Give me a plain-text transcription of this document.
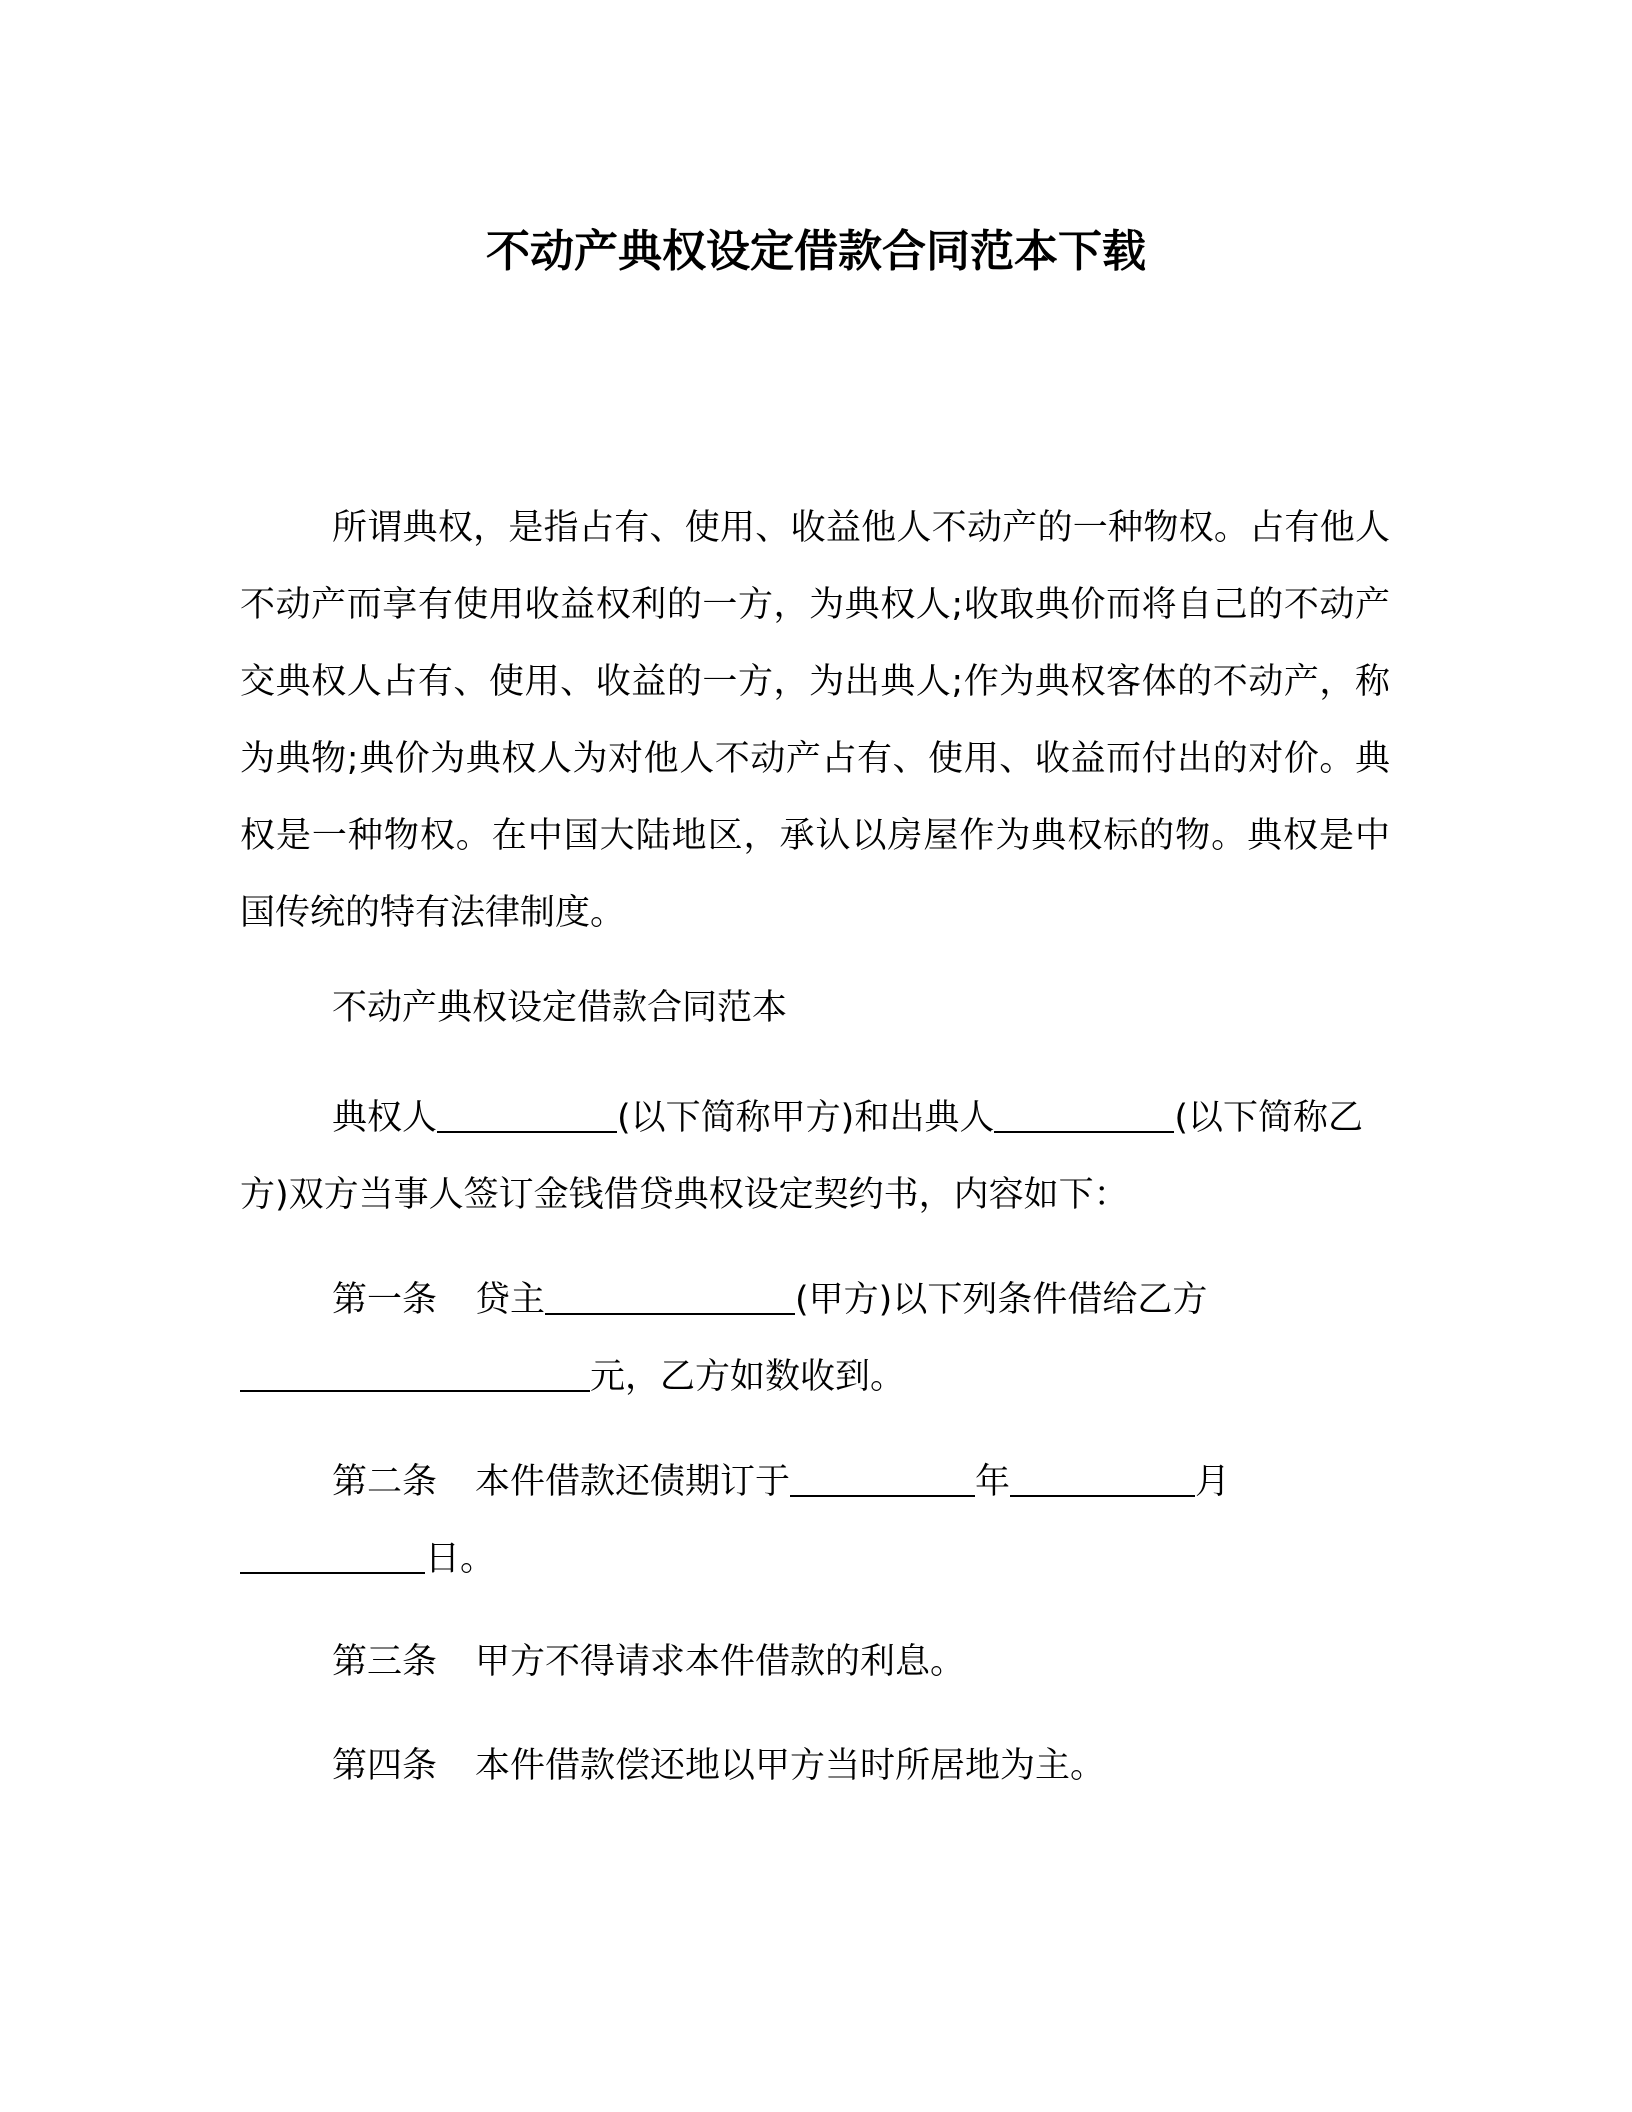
不动产典权设定借款合同范本下载

所谓典权，是指占有、使用、收益他人不动产的一种物权。占有他人不动产而享有使用收益权利的一方，为典权人;收取典价而将自己的不动产交典权人占有、使用、收益的一方，为出典人;作为典权客体的不动产，称为典物;典价为典权人为对他人不动产占有、使用、收益而付出的对价。典权是一种物权。在中国大陆地区，承认以房屋作为典权标的物。典权是中国传统的特有法律制度。

不动产典权设定借款合同范本

典权人	(以下简称甲方)和出典人	(以下简称乙方)双方当事人签订金钱借贷典权设定契约书，内容如下：

第一条 贷主	(甲方)以下列条件借给乙方
元，乙方如数收到。

第二条 本件借款还债期订于	年	月
日。

第三条 甲方不得请求本件借款的利息。

第四条 本件借款偿还地以甲方当时所居地为主。
